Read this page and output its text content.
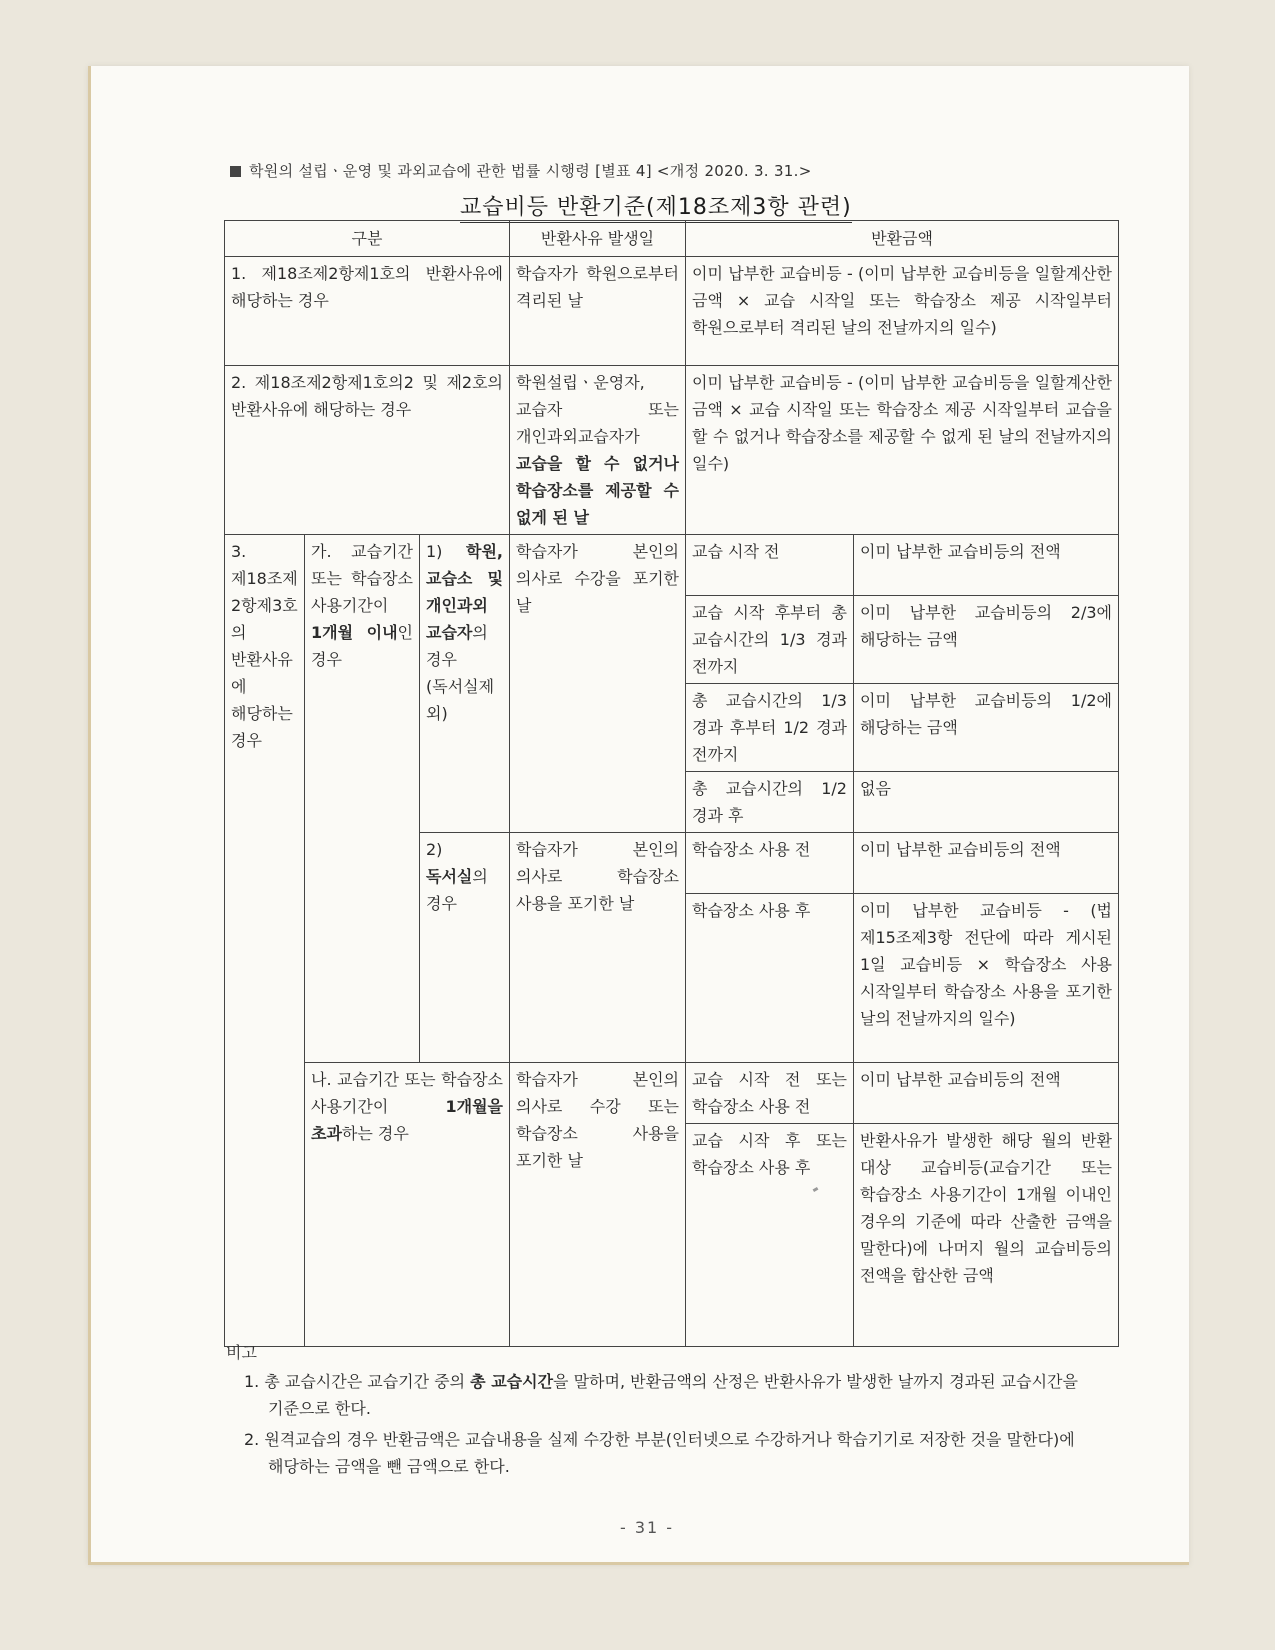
학원의 설립ㆍ운영 및 과외교습에 관한 법률 시행령 [별표 4] <개정 2020. 3. 31.>
교습비등 반환기준(제18조제3항 관련)
구분			반환사유 발생일	반환금액	
1. 제18조제2항제1호의 반환사유에 해당하는 경우			학습자가 학원으로부터 격리된 날	이미 납부한 교습비등 - (이미 납부한 교습비등을 일할계산한 금액 × 교습 시작일 또는 학습장소 제공 시작일부터 학원으로부터 격리된 날의 전날까지의 일수)	
2. 제18조제2항제1호의2 및 제2호의 반환사유에 해당하는 경우			학원설립ㆍ운영자, 교습자 또는 개인과외교습자가 교습을 할 수 없거나 학습장소를 제공할 수 없게 된 날	이미 납부한 교습비등 - (이미 납부한 교습비등을 일할계산한 금액 × 교습 시작일 또는 학습장소 제공 시작일부터 교습을 할 수 없거나 학습장소를 제공할 수 없게 된 날의 전날까지의 일수)	
3. 제18조제2항제3호의 반환사유에 해당하는 경우	가. 교습기간 또는 학습장소 사용기간이 1개월 이내인 경우	1) 학원, 교습소 및 개인과외교습자의 경우 (독서실제외)	학습자가 본인의 의사로 수강을 포기한 날	교습 시작 전	이미 납부한 교습비등의 전액
				교습 시작 후부터 총 교습시간의 1/3 경과 전까지	이미 납부한 교습비등의 2/3에 해당하는 금액
				총 교습시간의 1/3 경과 후부터 1/2 경과 전까지	이미 납부한 교습비등의 1/2에 해당하는 금액
				총 교습시간의 1/2 경과 후	없음
		2) 독서실의 경우	학습자가 본인의 의사로 학습장소 사용을 포기한 날	학습장소 사용 전	이미 납부한 교습비등의 전액
				학습장소 사용 후	이미 납부한 교습비등 - (법 제15조제3항 전단에 따라 게시된 1일 교습비등 × 학습장소 사용 시작일부터 학습장소 사용을 포기한 날의 전날까지의 일수)
	나. 교습기간 또는 학습장소 사용기간이 1개월을 초과하는 경우		학습자가 본인의 의사로 수강 또는 학습장소 사용을 포기한 날	교습 시작 전 또는 학습장소 사용 전	이미 납부한 교습비등의 전액
				교습 시작 후 또는 학습장소 사용 후	반환사유가 발생한 해당 월의 반환 대상 교습비등(교습기간 또는 학습장소 사용기간이 1개월 이내인 경우의 기준에 따라 산출한 금액을 말한다)에 나머지 월의 교습비등의 전액을 합산한 금액
비고
1. 총 교습시간은 교습기간 중의 총 교습시간을 말하며, 반환금액의 산정은 반환사유가 발생한 날까지 경과된 교습시간을 기준으로 한다.
2. 원격교습의 경우 반환금액은 교습내용을 실제 수강한 부분(인터넷으로 수강하거나 학습기기로 저장한 것을 말한다)에 해당하는 금액을 뺀 금액으로 한다.
- 31 -
